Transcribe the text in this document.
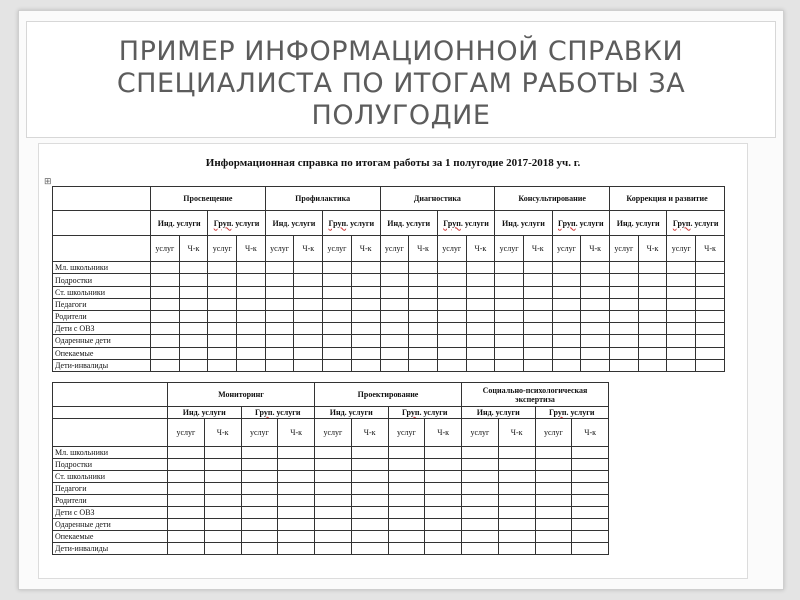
ПРИМЕР ИНФОРМАЦИОННОЙ СПРАВКИ
СПЕЦИАЛИСТА ПО ИТОГАМ РАБОТЫ ЗА
ПОЛУГОДИЕ
Информационная справка по итогам работы за 1 полугодие 2017-2018 уч. г.
⊞
	Просвещение				Профилактика				Диагностика				Консультирование				Коррекция и развитие			
	Инд. услуги		Груп. услуги		Инд. услуги		Груп. услуги		Инд. услуги		Груп. услуги		Инд. услуги		Груп. услуги		Инд. услуги		Груп. услуги	
	услуг	Ч-к	услуг	Ч-к	услуг	Ч-к	услуг	Ч-к	услуг	Ч-к	услуг	Ч-к	услуг	Ч-к	услуг	Ч-к	услуг	Ч-к	услуг	Ч-к
Мл. школьники																				
Подростки																				
Ст. школьники																				
Педагоги																				
Родители																				
Дети с ОВЗ																				
Одаренные дети																				
Опекаемые																				
Дети-инвалиды																				
	Мониторинг				Проектирование				Социально-психологическая экспертиза			
	Инд. услуги		Груп. услуги		Инд. услуги		Груп. услуги		Инд. услуги		Груп. услуги	
	услуг	Ч-к	услуг	Ч-к	услуг	Ч-к	услуг	Ч-к	услуг	Ч-к	услуг	Ч-к
Мл. школьники												
Подростки												
Ст. школьники												
Педагоги												
Родители												
Дети с ОВЗ												
Одаренные дети												
Опекаемые												
Дети-инвалиды												
